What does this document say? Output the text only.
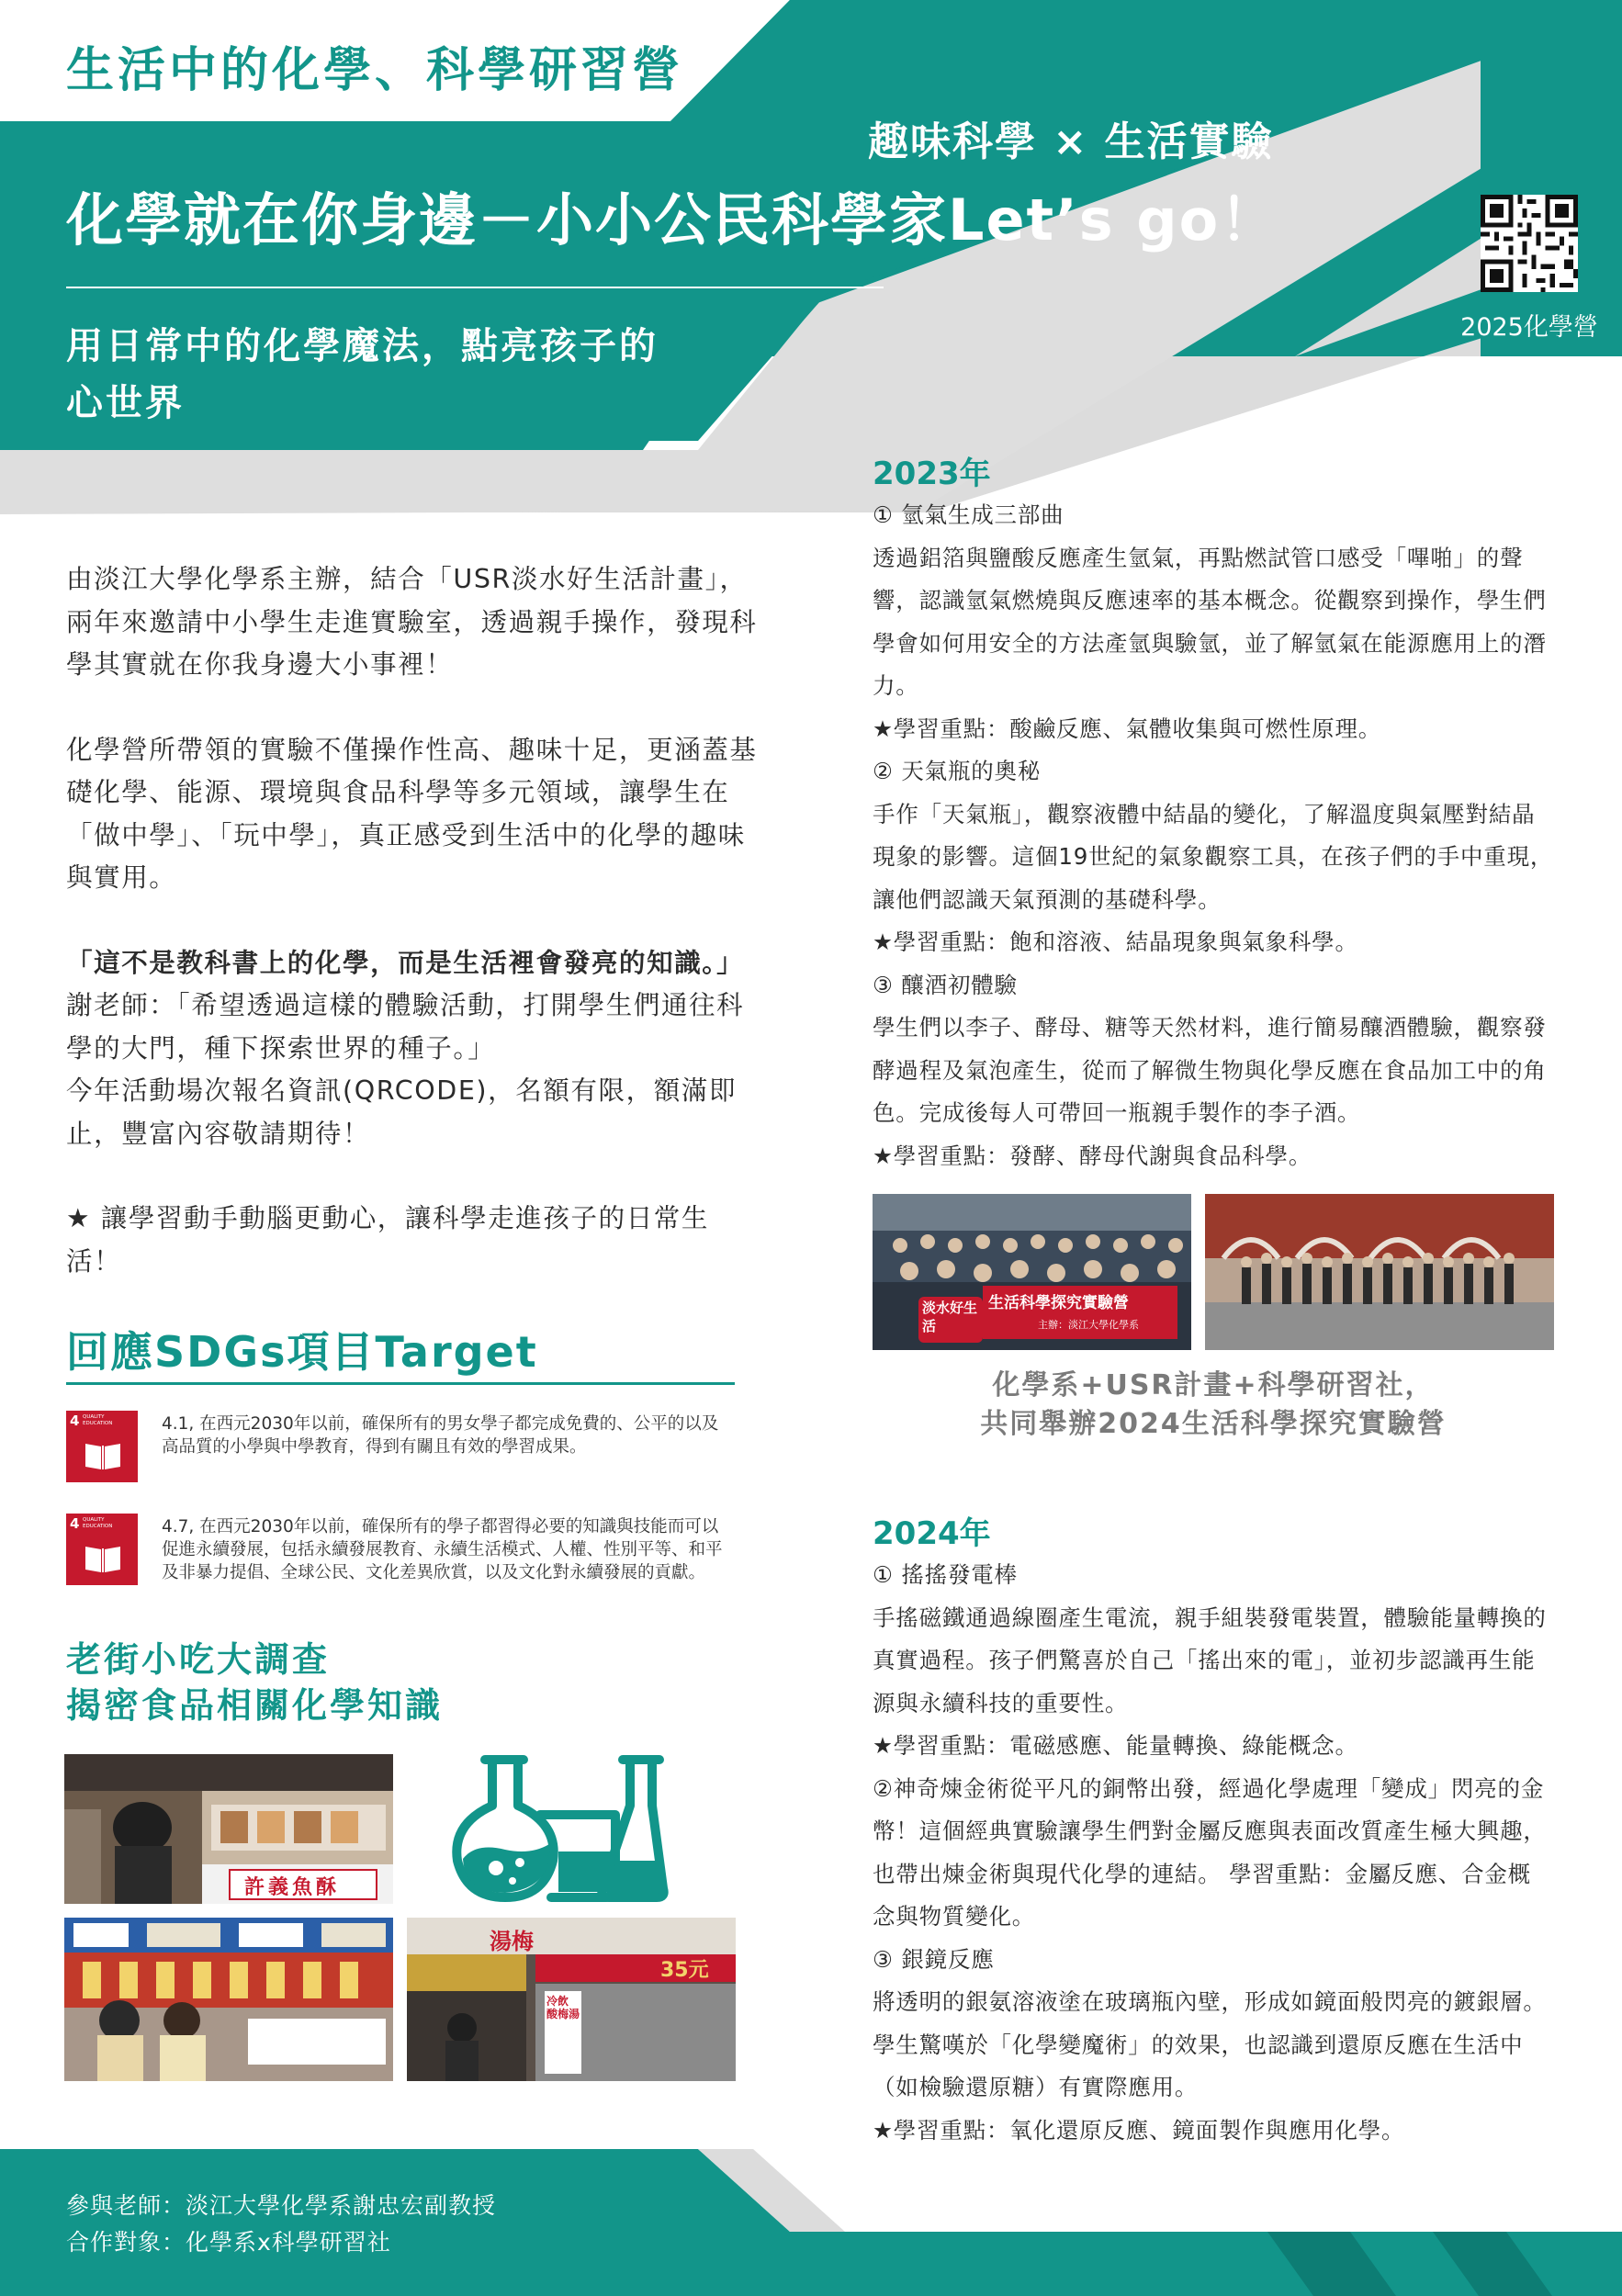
生活中的化學、科學研習營
趣味科學 × 生活實驗
化學就在你身邊－小小公民科學家Let’s go！
用日常中的化學魔法，點亮孩子的
心世界
2025化學營

由淡江大學化學系主辦，結合「USR淡水好生活計畫」，兩年來邀請中小學生走進實驗室，透過親手操作，發現科學其實就在你我身邊大小事裡！

化學營所帶領的實驗不僅操作性高、趣味十足，更涵蓋基礎化學、能源、環境與食品科學等多元領域，讓學生在「做中學」、「玩中學」，真正感受到生活中的化學的趣味與實用。

「這不是教科書上的化學，而是生活裡會發亮的知識。」

謝老師：「希望透過這樣的體驗活動，打開學生們通往科學的大門，種下探索世界的種子。」

今年活動場次報名資訊(QRCODE)，名額有限，額滿即止，豐富內容敬請期待！

★ 讓學習動手動腦更動心，讓科學走進孩子的日常生活！

回應SDGs項目Target
4 QUALITY EDUCATION	4.1, 在西元2030年以前，確保所有的男女學子都完成免費的、公平的以及高品質的小學與中學教育，得到有關且有效的學習成果。
4 QUALITY EDUCATION	4.7, 在西元2030年以前，確保所有的學子都習得必要的知識與技能而可以促進永續發展，包括永續發展教育、永續生活模式、人權、性別平等、和平及非暴力提倡、全球公民、文化差異欣賞，以及文化對永續發展的貢獻。
老街小吃大調查
揭密食品相關化學知識
許義魚酥
湯梅
35元
冷飲 酸梅湯
2023年

① 氫氣生成三部曲

透過鋁箔與鹽酸反應產生氫氣，再點燃試管口感受「嗶啪」的聲響，認識氫氣燃燒與反應速率的基本概念。從觀察到操作，學生們學會如何用安全的方法產氫與驗氫，並了解氫氣在能源應用上的潛力。

★學習重點：酸鹼反應、氣體收集與可燃性原理。

② 天氣瓶的奧秘

手作「天氣瓶」，觀察液體中結晶的變化，了解溫度與氣壓對結晶現象的影響。這個19世紀的氣象觀察工具，在孩子們的手中重現，讓他們認識天氣預測的基礎科學。

★學習重點：飽和溶液、結晶現象與氣象科學。

③ 釀酒初體驗

學生們以李子、酵母、糖等天然材料，進行簡易釀酒體驗，觀察發酵過程及氣泡產生，從而了解微生物與化學反應在食品加工中的角色。完成後每人可帶回一瓶親手製作的李子酒。

★學習重點：發酵、酵母代謝與食品科學。

淡水好生活
生活科學探究實驗營
主辦：淡江大學化學系
化學系+USR計畫+科學研習社，
共同舉辦2024生活科學探究實驗營
2024年

① 搖搖發電棒

手搖磁鐵通過線圈產生電流，親手組裝發電裝置，體驗能量轉換的真實過程。孩子們驚喜於自己「搖出來的電」，並初步認識再生能源與永續科技的重要性。

★學習重點：電磁感應、能量轉換、綠能概念。

②神奇煉金術從平凡的銅幣出發，經過化學處理「變成」閃亮的金幣！這個經典實驗讓學生們對金屬反應與表面改質產生極大興趣，也帶出煉金術與現代化學的連結。 學習重點：金屬反應、合金概念與物質變化。

③ 銀鏡反應

將透明的銀氨溶液塗在玻璃瓶內壁，形成如鏡面般閃亮的鍍銀層。學生驚嘆於「化學變魔術」的效果，也認識到還原反應在生活中（如檢驗還原糖）有實際應用。

★學習重點：氧化還原反應、鏡面製作與應用化學。

參與老師：淡江大學化學系謝忠宏副教授
合作對象：化學系x科學研習社
